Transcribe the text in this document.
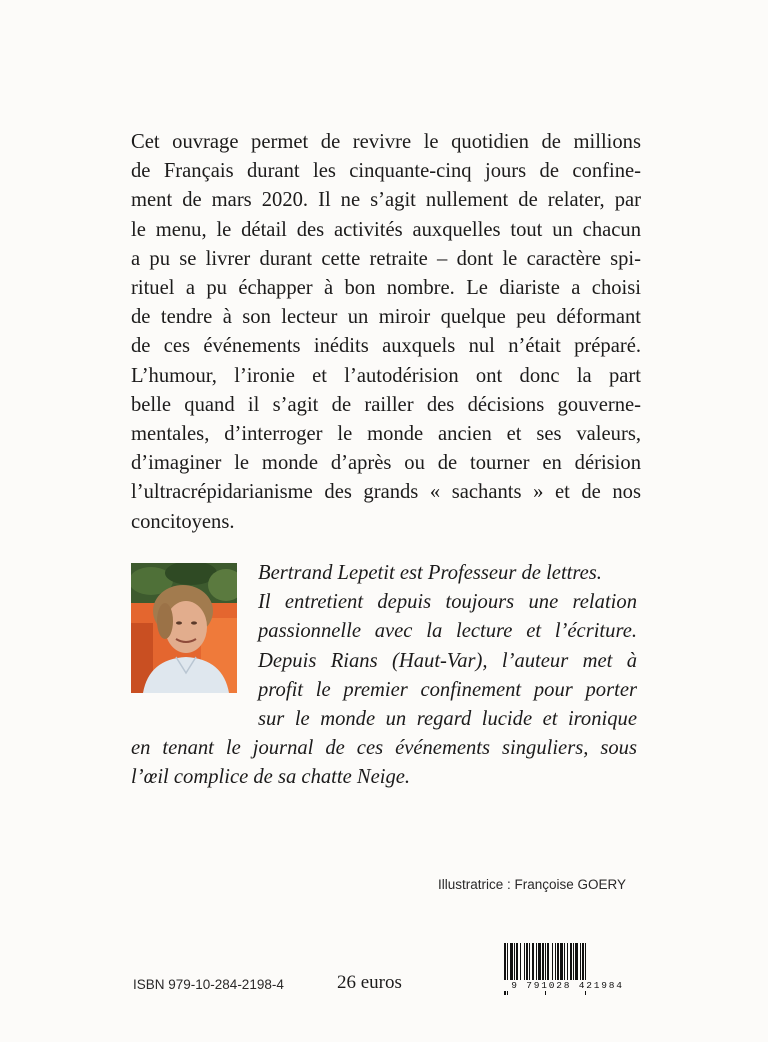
Cet ouvrage permet de revivre le quotidien de millions
de Français durant les cinquante-cinq jours de confine-
ment de mars 2020. Il ne s’agit nullement de relater, par
le menu, le détail des activités auxquelles tout un chacun
a pu se livrer durant cette retraite – dont le caractère spi-
rituel a pu échapper à bon nombre. Le diariste a choisi
de tendre à son lecteur un miroir quelque peu déformant
de ces événements inédits auxquels nul n’était préparé.
L’humour, l’ironie et l’autodérision ont donc la part
belle quand il s’agit de railler des décisions gouverne-
mentales, d’interroger le monde ancien et ses valeurs,
d’imaginer le monde d’après ou de tourner en dérision
l’ultracrépidarianisme des grands « sachants » et de nos
concitoyens.
Bertrand Lepetit est Professeur de lettres.
Il entretient depuis toujours une relation
passionnelle avec la lecture et l’écriture.
Depuis Rians (Haut-Var), l’auteur met à
profit le premier confinement pour porter
sur le monde un regard lucide et ironique
en tenant le journal de ces événements singuliers, sous
l’œil complice de sa chatte Neige.
Illustratrice : Françoise GOERY
ISBN 979-10-284-2198-4	26 euros	9 791028 421984
